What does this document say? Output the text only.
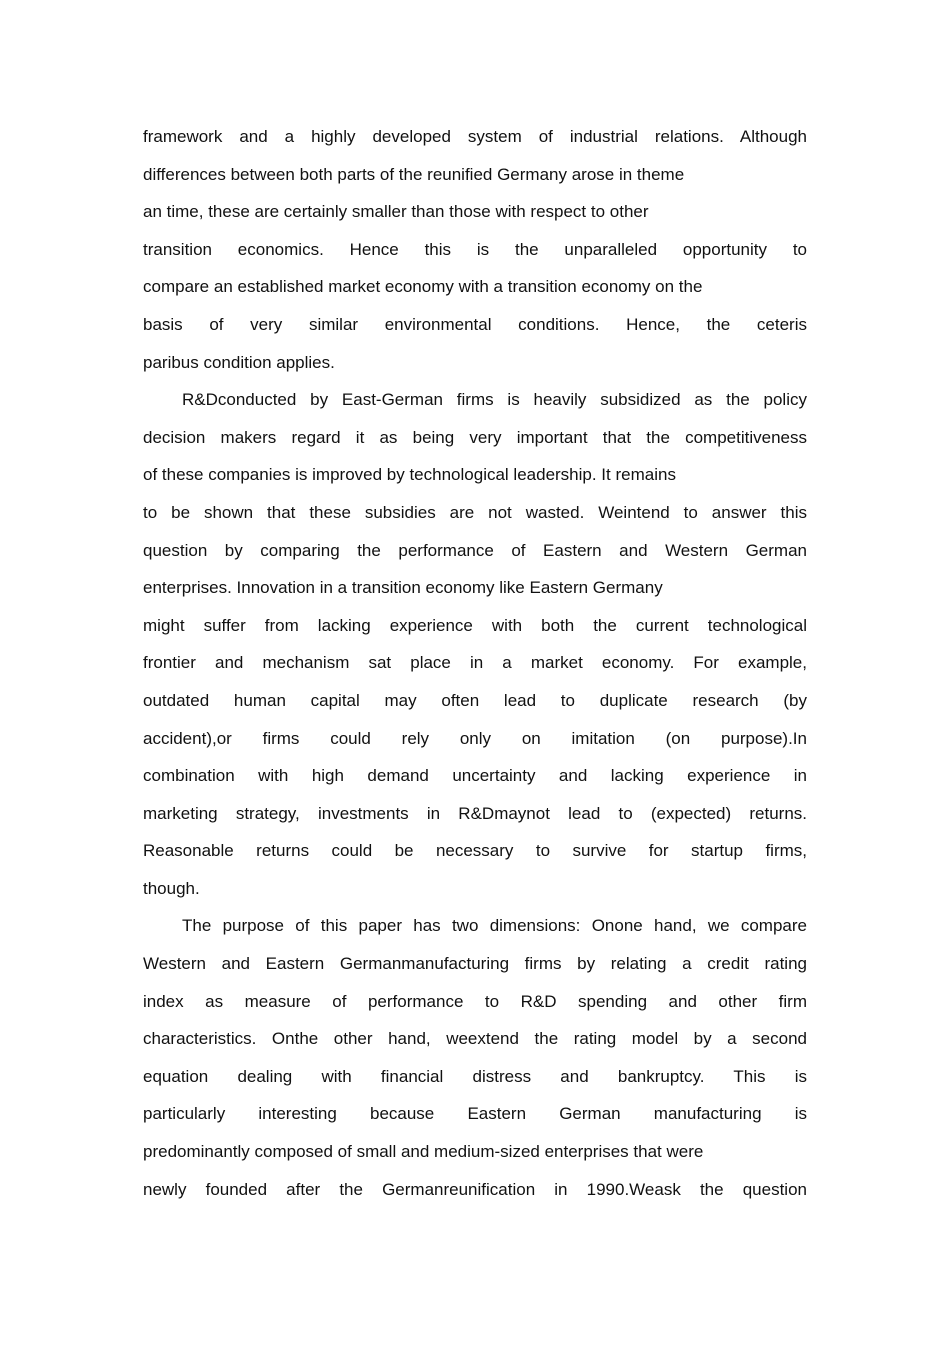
framework and a highly developed system of industrial relations. Although
differences between both parts of the reunified Germany arose in theme
an time, these are certainly smaller than those with respect to other
transition economics. Hence this is the unparalleled opportunity to
compare an established market economy with a transition economy on the
basis of very similar environmental conditions. Hence, the ceteris
paribus condition applies.
R&Dconducted by East-German firms is heavily subsidized as the policy
decision makers regard it as being very important that the competitiveness
of these companies is improved by technological leadership. It remains
to be shown that these subsidies are not wasted. Weintend to answer this
question by comparing the performance of Eastern and Western German
enterprises. Innovation in a transition economy like Eastern Germany
might suffer from lacking experience with both the current technological
frontier and mechanism sat place in a market economy. For example,
outdated human capital may often lead to duplicate research (by
accident),or firms could rely only on imitation (on purpose).In
combination with high demand uncertainty and lacking experience in
marketing strategy, investments in R&Dmaynot lead to (expected) returns.
Reasonable returns could be necessary to survive for startup firms,
though.
The purpose of this paper has two dimensions: Onone hand, we compare
Western and Eastern Germanmanufacturing firms by relating a credit rating
index as measure of performance to R&D spending and other firm
characteristics. Onthe other hand, weextend the rating model by a second
equation dealing with financial distress and bankruptcy. This is
particularly interesting because Eastern German manufacturing is
predominantly composed of small and medium-sized enterprises that were
newly founded after the Germanreunification in 1990.Weask the question
